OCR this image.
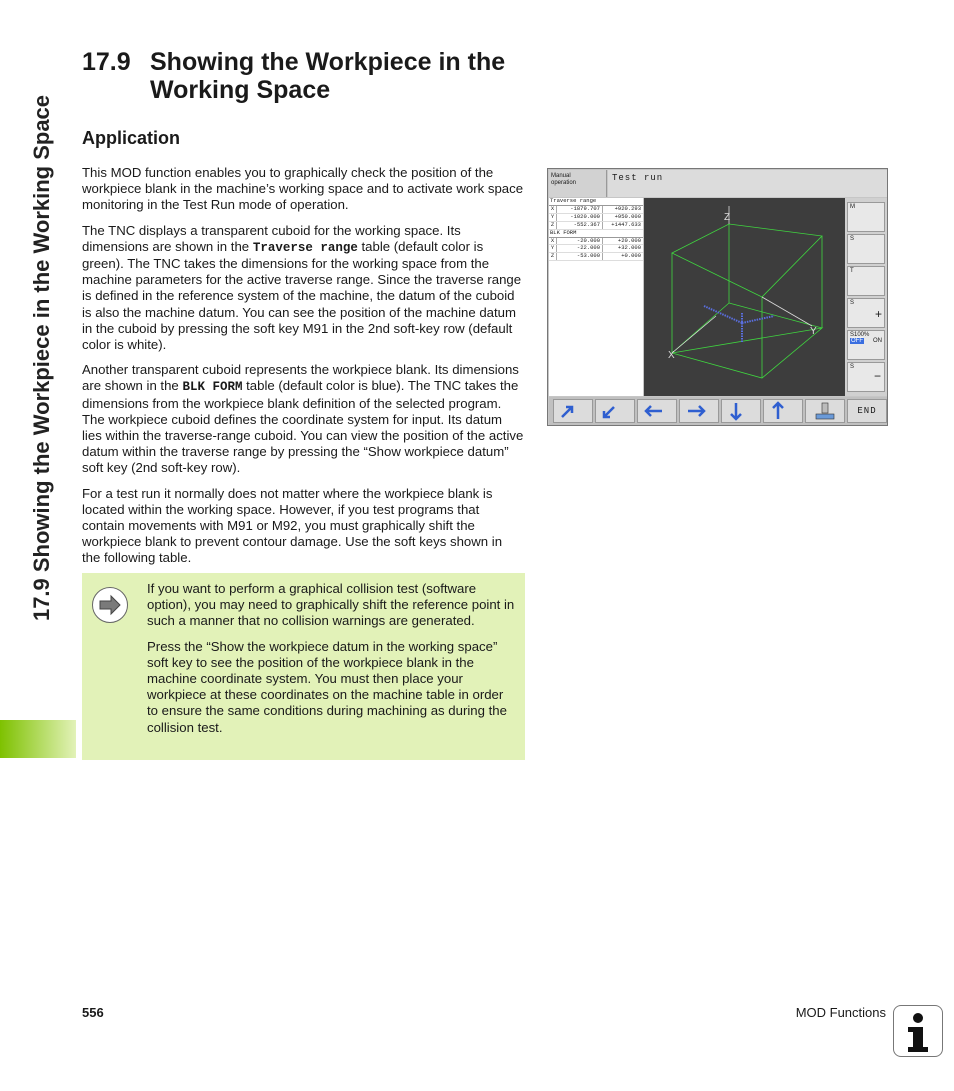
17.9 Showing the Workpiece in the Working Space
17.9 Showing the Workpiece in the Working Space
Application

This MOD function enables you to graphically check the position of the workpiece blank in the machine’s working space and to activate work space monitoring in the Test Run mode of operation.

The TNC displays a transparent cuboid for the working space. Its dimensions are shown in the Traverse range table (default color is green). The TNC takes the dimensions for the working space from the machine parameters for the active traverse range. Since the traverse range is defined in the reference system of the machine, the datum of the cuboid is also the machine datum. You can see the position of the machine datum in the cuboid by pressing the soft key M91 in the 2nd soft-key row (default color is white).

Another transparent cuboid represents the workpiece blank. Its dimensions are shown in the BLK FORM table (default color is blue). The TNC takes the dimensions from the workpiece blank definition of the selected program. The workpiece cuboid defines the coordinate system for input. Its datum lies within the traverse-range cuboid. You can view the position of the active datum within the traverse range by pressing the “Show workpiece datum” soft key (2nd soft-key row).

For a test run it normally does not matter where the workpiece blank is located within the working space. However, if you test programs that contain movements with M91 or M92, you must graphically shift the workpiece blank to prevent contour damage. Use the soft keys shown in the following table.

If you want to perform a graphical collision test (software option), you may need to graphically shift the reference point in such a manner that no collision warnings are generated.

Press the “Show the workpiece datum in the working space” soft key to see the position of the workpiece blank in the machine coordinate system. You must then place your workpiece at these coordinates on the machine table in order to ensure the same conditions during machining as during the collision test.

Manual
operation	Test run
Traverse range
X	-1879.707	+920.293
Y	-1020.000	+950.000
Z	-552.367	+1447.633
BLK FORM
X	-20.000	+20.000
Y	-22.000	+32.000
Z	-53.000	+0.000
Z
X
Y
M
S
T
S
+
S100%
OFF ON
S
−
END
556	MOD Functions
